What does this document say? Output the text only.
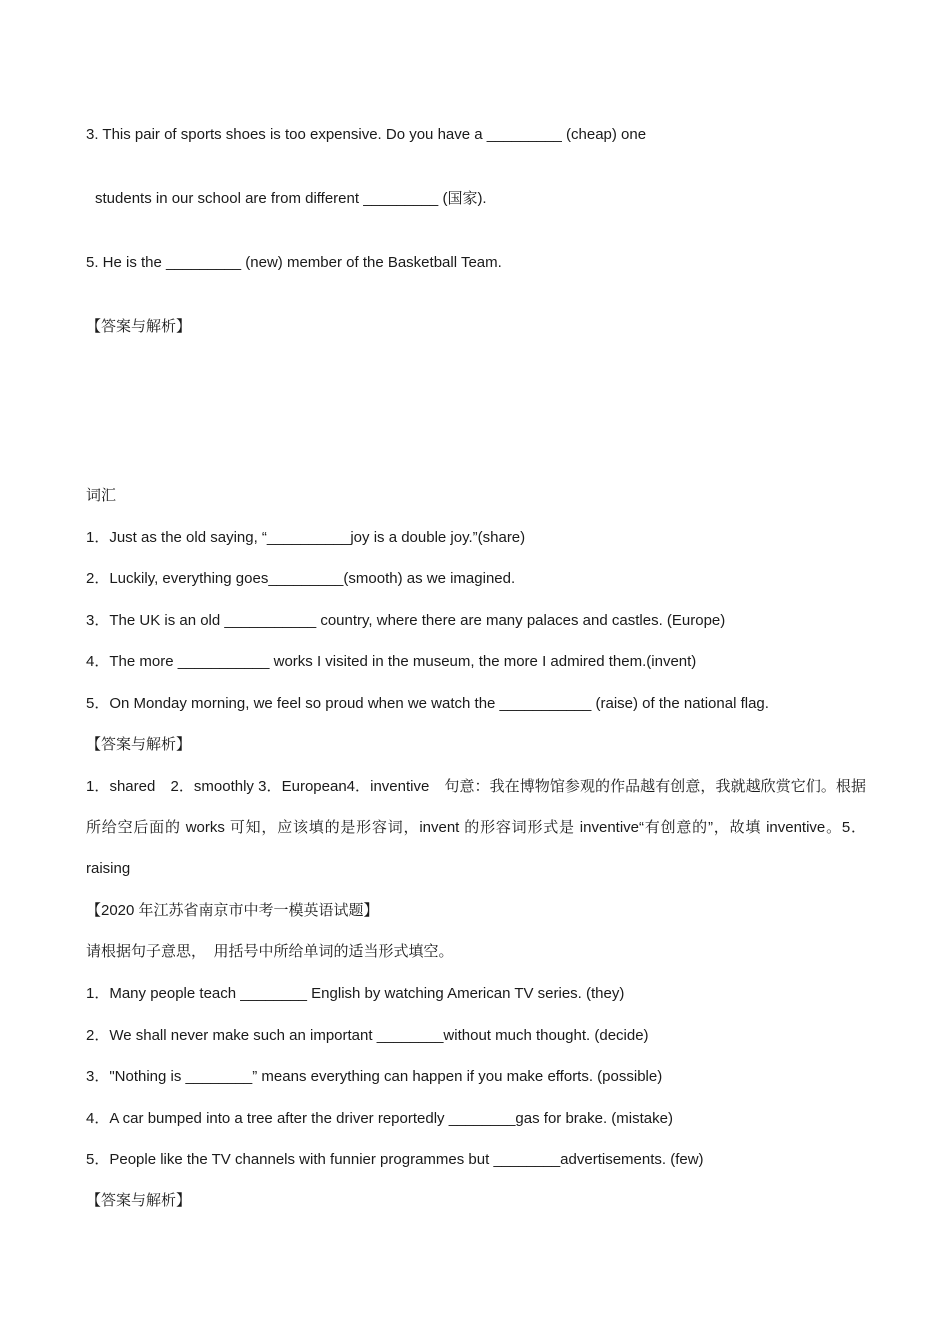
3. This pair of sports shoes is too expensive. Do you have a _________ (cheap) one
students in our school are from different _________ (国家).
5. He is the _________ (new) member of the Basketball Team.
【答案与解析】
词汇
1．Just as the old saying, “__________joy is a double joy.”(share)
2．Luckily, everything goes_________(smooth) as we imagined.
3．The UK is an old ___________ country, where there are many palaces and castles. (Europe)
4．The more ___________ works I visited in the museum, the more I admired them.(invent)
5．On Monday morning, we feel so proud when we watch the ___________ (raise) of the national flag.
【答案与解析】
1．shared　2．smoothly 3．European4．inventive　句意：我在博物馆参观的作品越有创意，我就越欣赏它们。根据所给空后面的 works 可知，应该填的是形容词，invent 的形容词形式是 inventive“有创意的”，故填 inventive。5．raising
【2020 年江苏省南京市中考一模英语试题】
请根据句子意思，　用括号中所给单词的适当形式填空。
1．Many people teach ________ English by watching American TV series. (they)
2．We shall never make such an important ________without much thought. (decide)
3．"Nothing is ________” means everything can happen if you make efforts. (possible)
4．A car bumped into a tree after the driver reportedly ________gas for brake. (mistake)
5．People like the TV channels with funnier programmes but ________advertisements. (few)
【答案与解析】
